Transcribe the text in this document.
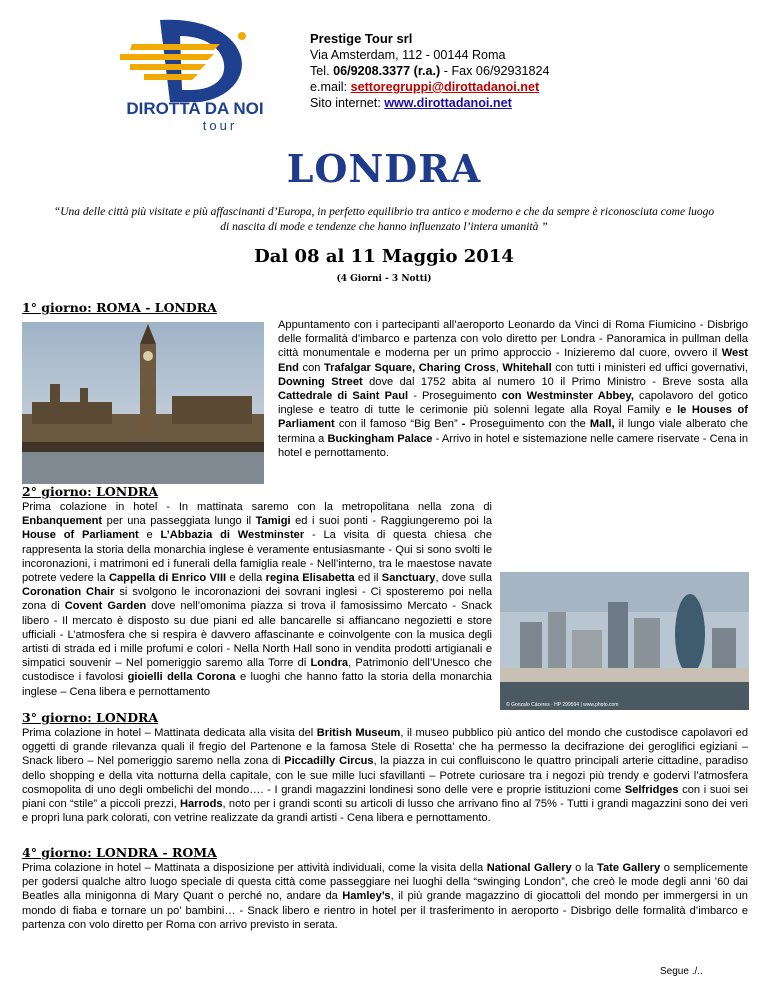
DIROTTA DA NOI
tour
Prestige Tour srl
Via Amsterdam, 112 - 00144 Roma
Tel. 06/9208.3377 (r.a.) - Fax 06/92931824
e.mail: settoregruppi@dirottadanoi.net
Sito internet: www.dirottadanoi.net
LONDRA
“Una delle città più visitate e più affascinanti d’Europa, in perfetto equilibrio tra antico e moderno e che da sempre è riconosciuta come luogo di nascita di mode e tendenze che hanno influenzato l’intera umanità ”
Dal 08 al 11 Maggio 2014
(4 Giorni - 3 Notti)
1° giorno: ROMA - LONDRA

Appuntamento con i partecipanti all’aeroporto Leonardo da Vinci di Roma Fiumicino - Disbrigo delle formalità d’imbarco e partenza con volo diretto per Londra - Panoramica in pullman della città monumentale e moderna per un primo approccio - Inizieremo dal cuore, ovvero il West End con Trafalgar Square, Charing Cross, Whitehall con tutti i ministeri ed uffici governativi, Downing Street dove dal 1752 abita al numero 10 il Primo Ministro - Breve sosta alla Cattedrale di Saint Paul - Proseguimento con Westminster Abbey, capolavoro del gotico inglese e teatro di tutte le cerimonie più solenni legate alla Royal Family e le Houses of Parliament con il famoso “Big Ben” - Proseguimento con the Mall, il lungo viale alberato che termina a Buckingham Palace - Arrivo in hotel e sistemazione nelle camere riservate - Cena in hotel e pernottamento.

2° giorno: LONDRA

Prima colazione in hotel - In mattinata saremo con la metropolitana nella zona di Enbanquement per una passeggiata lungo il Tamigi ed i suoi ponti - Raggiungeremo poi la House of Parliament e L’Abbazia di Westminster - La visita di questa chiesa che rappresenta la storia della monarchia inglese è veramente entusiasmante - Qui si sono svolti le incoronazioni, i matrimoni ed i funerali della famiglia reale - Nell’interno, tra le maestose navate potrete vedere la Cappella di Enrico VIII e della regina Elisabetta ed il Sanctuary, dove sulla Coronation Chair si svolgono le incoronazioni dei sovrani inglesi - Ci sposteremo poi nella zona di Covent Garden dove nell’omonima piazza si trova il famosissimo Mercato - Snack libero - Il mercato è disposto su due piani ed alle bancarelle si affiancano negozietti e store ufficiali - L’atmosfera che si respira è davvero affascinante e coinvolgente con la musica degli artisti di strada ed i mille profumi e colori - Nella North Hall sono in vendita prodotti artigianali e simpatici souvenir – Nel pomeriggio saremo alla Torre di Londra, Patrimonio dell’Unesco che custodisce i favolosi gioielli della Corona e luoghi che hanno fatto la storia della monarchia inglese – Cena libera e pernottamento

© Gonzalo Cáceres · HP 299594 | www.photo.com
3° giorno: LONDRA

Prima colazione in hotel – Mattinata dedicata alla visita del British Museum, il museo pubblico più antico del mondo che custodisce capolavori ed oggetti di grande rilevanza quali il fregio del Partenone e la famosa Stele di Rosetta’ che ha permesso la decifrazione dei geroglifici egiziani – Snack libero – Nel pomeriggio saremo nella zona di Piccadilly Circus, la piazza in cui confluiscono le quattro principali arterie cittadine, paradiso dello shopping e della vita notturna della capitale, con le sue mille luci sfavillanti – Potrete curiosare tra i negozi più trendy e godervi l’atmosfera cosmopolita di uno degli ombelichi del mondo…. - I grandi magazzini londinesi sono delle vere e proprie istituzioni come Selfridges con i suoi sei piani con “stile” a piccoli prezzi, Harrods, noto per i grandi sconti su articoli di lusso che arrivano fino al 75% - Tutti i grandi magazzini sono dei veri e propri luna park colorati, con vetrine realizzate da grandi artisti - Cena libera e pernottamento.

4° giorno: LONDRA - ROMA

Prima colazione in hotel – Mattinata a disposizione per attività individuali, come la visita della National Gallery o la Tate Gallery o semplicemente per godersi qualche altro luogo speciale di questa città come passeggiare nei luoghi della “swinging London”, che creò le mode degli anni ’60 dai Beatles alla minigonna di Mary Quant o perché no, andare da Hamley’s, il più grande magazzino di giocattoli del mondo per immergersi in un mondo di fiaba e tornare un po’ bambini… - Snack libero e rientro in hotel per il trasferimento in aeroporto - Disbrigo delle formalità d’imbarco e partenza con volo diretto per Roma con arrivo previsto in serata.

Segue ./..
